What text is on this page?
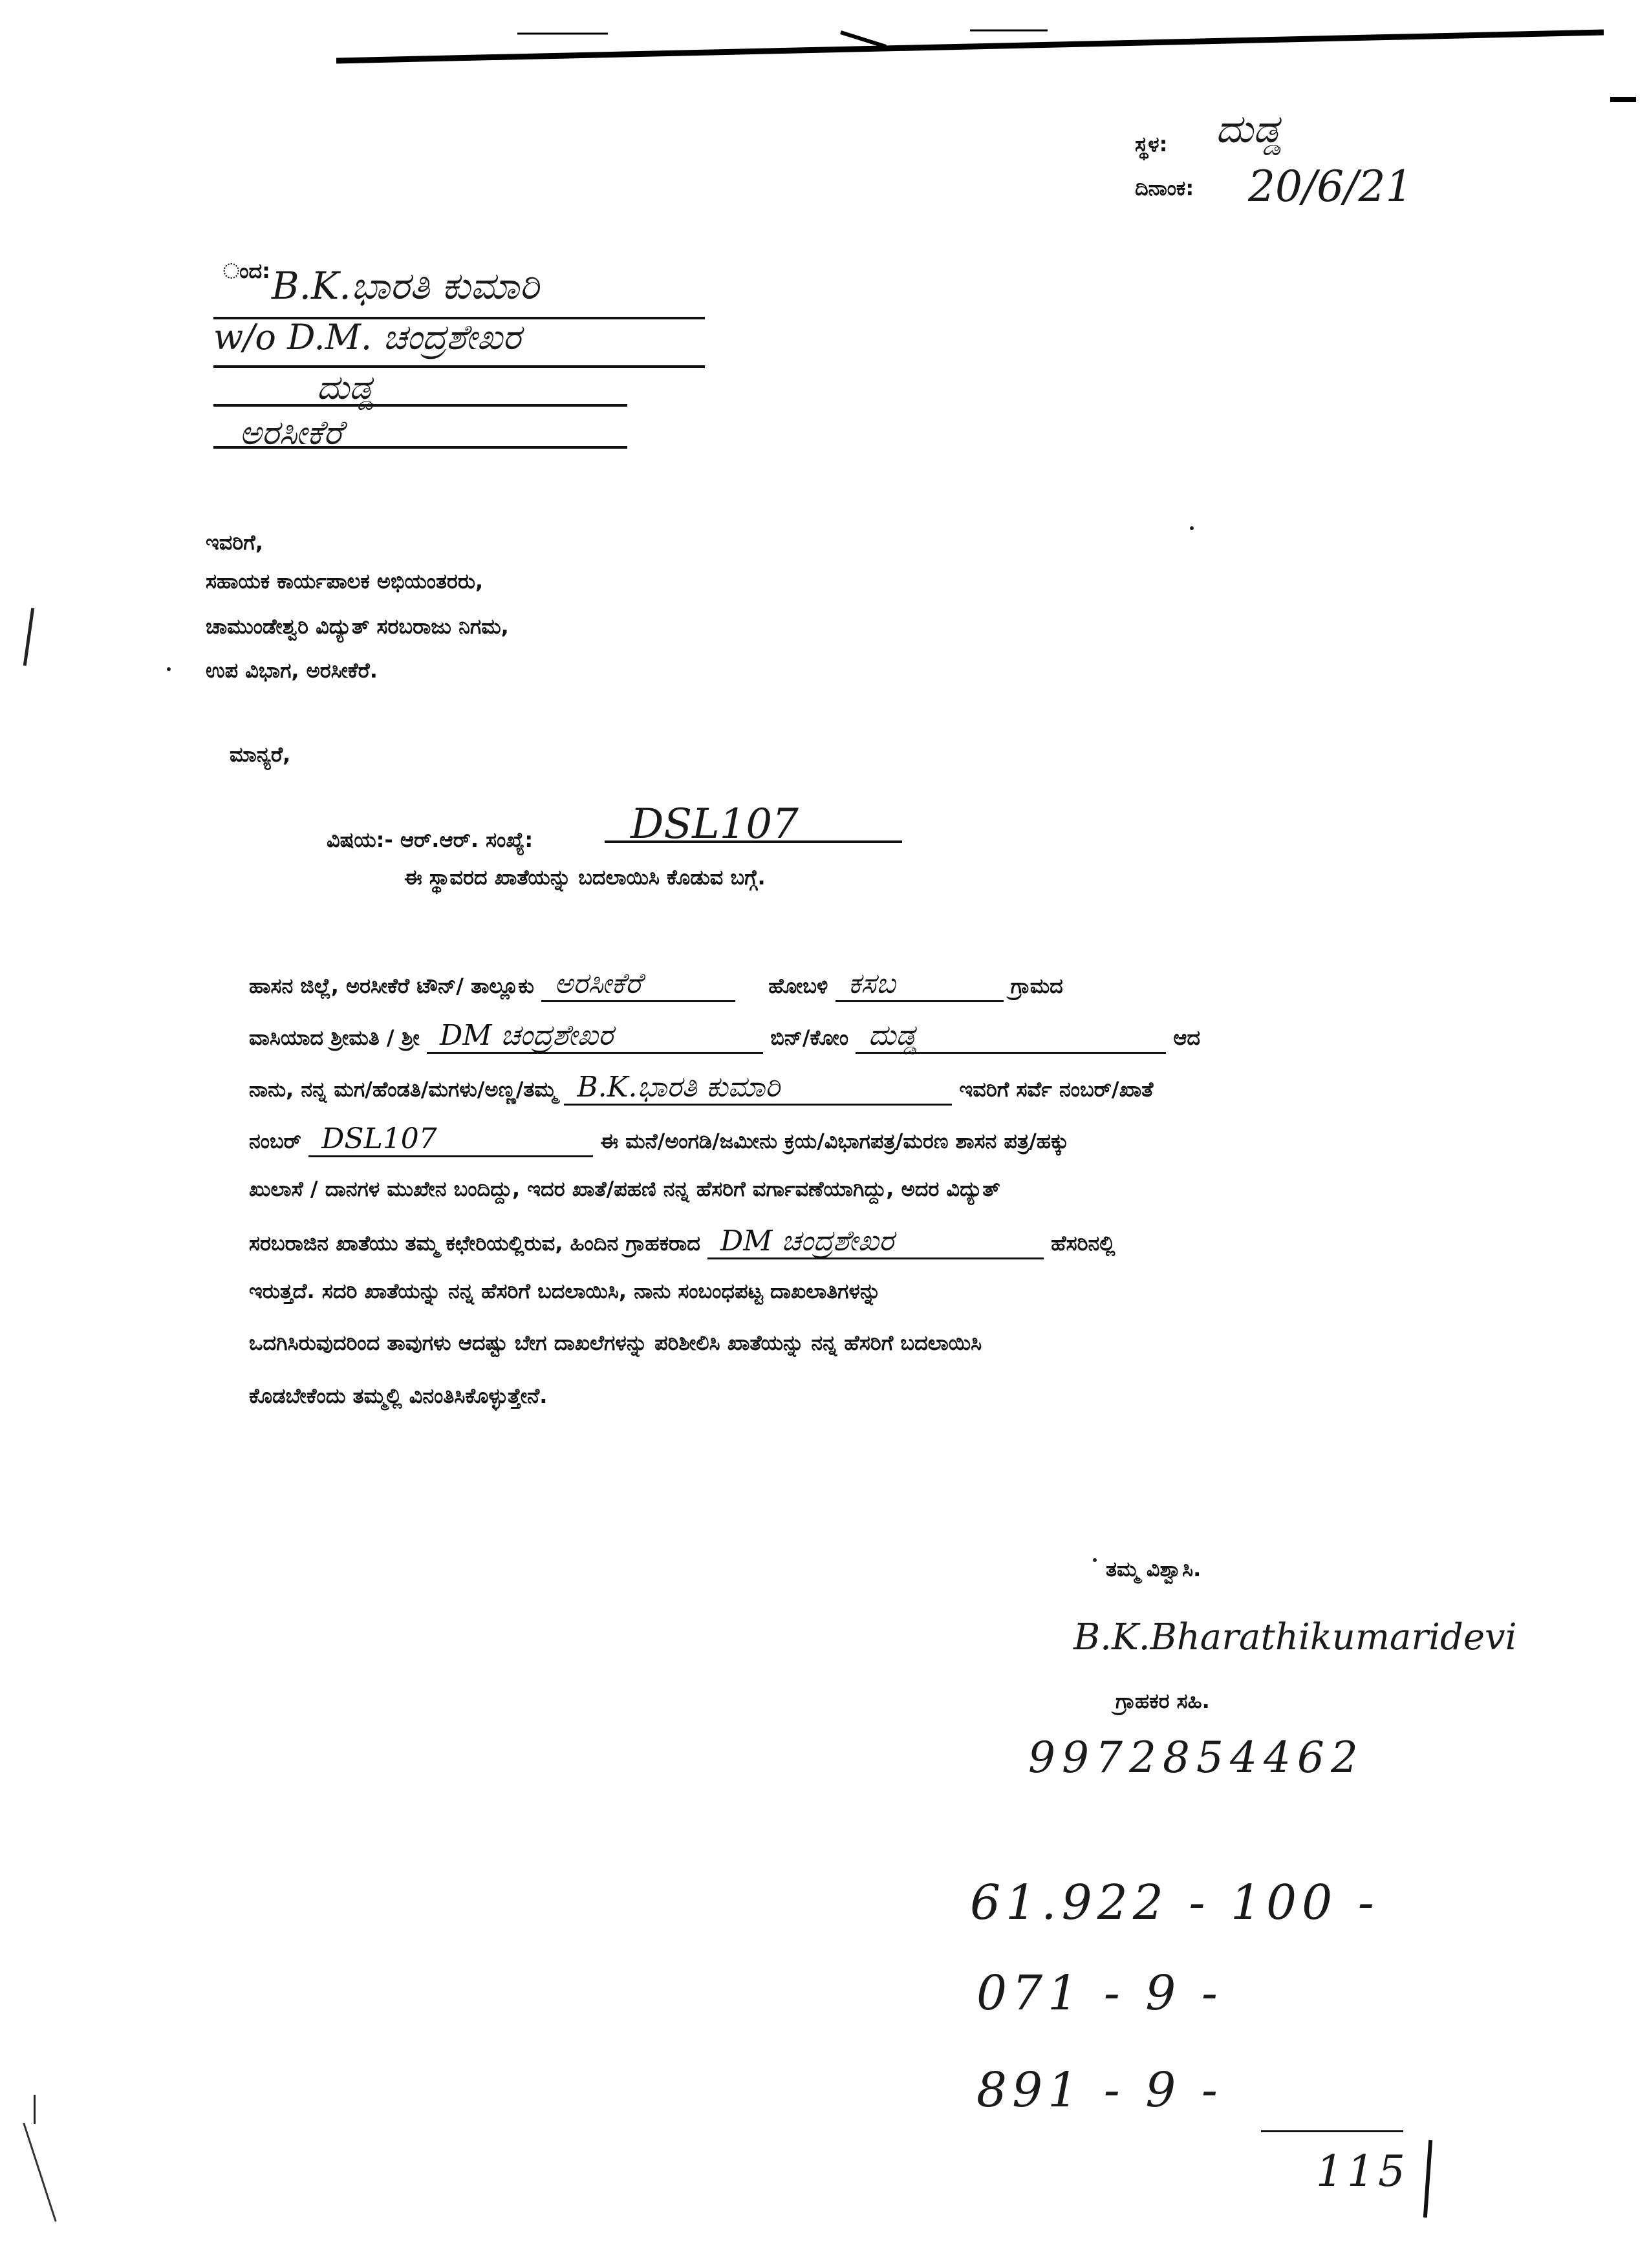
ಸ್ಥಳ: ದುಡ್ಡ
ದಿನಾಂಕ: 20/6/21
ಂದ: B.K.ಭಾರತಿ ಕುಮಾರಿ
w/o D.M. ಚಂದ್ರಶೇಖರ
ದುಡ್ಡ
ಅರಸೀಕೆರೆ
ಇವರಿಗೆ,
ಸಹಾಯಕ ಕಾರ್ಯಪಾಲಕ ಅಭಿಯಂತರರು,
ಚಾಮುಂಡೇಶ್ವರಿ ವಿದ್ಯುತ್ ಸರಬರಾಜು ನಿಗಮ,
ಉಪ ವಿಭಾಗ, ಅರಸೀಕೆರೆ.
ಮಾನ್ಯರೆ,
ವಿಷಯ:- ಆರ್.ಆರ್. ಸಂಖ್ಯೆ: DSL107
ಈ ಸ್ಥಾವರದ ಖಾತೆಯನ್ನು ಬದಲಾಯಿಸಿ ಕೊಡುವ ಬಗ್ಗೆ.
ಹಾಸನ ಜಿಲ್ಲೆ, ಅರಸೀಕೆರೆ ಟೌನ್/ ತಾಲ್ಲೂಕು ಅರಸೀಕೆರೆ	ಹೋಬಳಿ ಕಸಬ	ಗ್ರಾಮದ
ವಾಸಿಯಾದ ಶ್ರೀಮತಿ / ಶ್ರೀ DM ಚಂದ್ರಶೇಖರ	ಬಿನ್/ಕೋಂ ದುಡ್ಡ	ಆದ
ನಾನು, ನನ್ನ ಮಗ/ಹೆಂಡತಿ/ಮಗಳು/ಅಣ್ಣ/ತಮ್ಮ B.K.ಭಾರತಿ ಕುಮಾರಿ	ಇವರಿಗೆ ಸರ್ವೆ ನಂಬರ್/ಖಾತೆ
ನಂಬರ್ DSL107	ಈ ಮನೆ/ಅಂಗಡಿ/ಜಮೀನು ಕ್ರಯ/ವಿಭಾಗಪತ್ರ/ಮರಣ ಶಾಸನ ಪತ್ರ/ಹಕ್ಕು
ಖುಲಾಸೆ / ದಾನಗಳ ಮುಖೇನ ಬಂದಿದ್ದು, ಇದರ ಖಾತೆ/ಪಹಣಿ ನನ್ನ ಹೆಸರಿಗೆ ವರ್ಗಾವಣೆಯಾಗಿದ್ದು, ಅದರ ವಿದ್ಯುತ್
ಸರಬರಾಜಿನ ಖಾತೆಯು ತಮ್ಮ ಕಛೇರಿಯಲ್ಲಿರುವ, ಹಿಂದಿನ ಗ್ರಾಹಕರಾದ DM ಚಂದ್ರಶೇಖರ	ಹೆಸರಿನಲ್ಲಿ
ಇರುತ್ತದೆ. ಸದರಿ ಖಾತೆಯನ್ನು ನನ್ನ ಹೆಸರಿಗೆ ಬದಲಾಯಿಸಿ, ನಾನು ಸಂಬಂಧಪಟ್ಟ ದಾಖಲಾತಿಗಳನ್ನು
ಒದಗಿಸಿರುವುದರಿಂದ ತಾವುಗಳು ಆದಷ್ಟು ಬೇಗ ದಾಖಲೆಗಳನ್ನು ಪರಿಶೀಲಿಸಿ ಖಾತೆಯನ್ನು ನನ್ನ ಹೆಸರಿಗೆ ಬದಲಾಯಿಸಿ
ಕೊಡಬೇಕೆಂದು ತಮ್ಮಲ್ಲಿ ವಿನಂತಿಸಿಕೊಳ್ಳುತ್ತೇನೆ.
ತಮ್ಮ ವಿಶ್ವಾಸಿ.
B.K.Bharathikumaridevi
ಗ್ರಾಹಕರ ಸಹಿ.
9972854462
61.922 - 100 -
071 - 9 -
891 - 9 -
115
